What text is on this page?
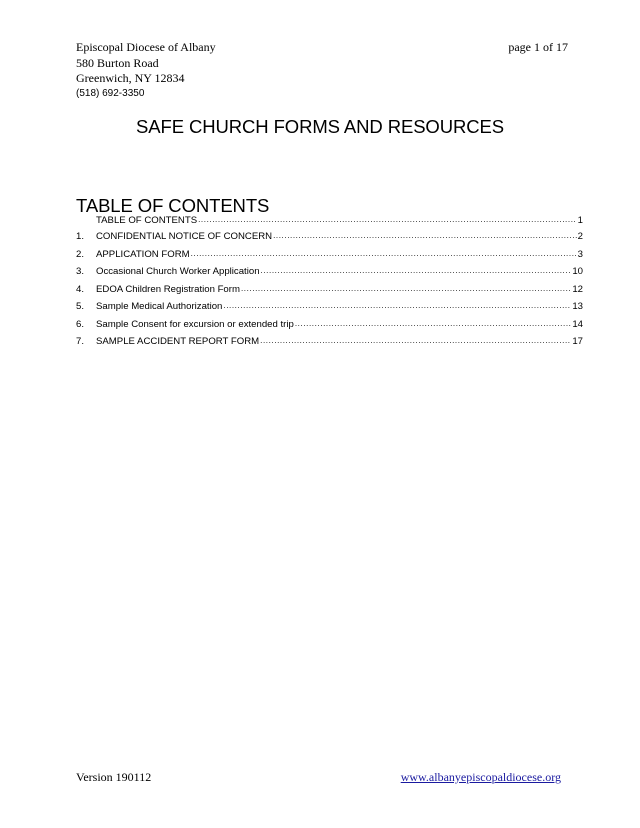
Episcopal Diocese of Albany
580 Burton Road
Greenwich, NY 12834
(518) 692-3350
page 1 of 17
SAFE CHURCH FORMS AND RESOURCES
TABLE OF CONTENTS
TABLE OF CONTENTS .....	1
1.	CONFIDENTIAL NOTICE OF CONCERN .....	2
2.	APPLICATION FORM .....	3
3.	Occasional Church Worker Application .....	10
4.	EDOA Children Registration Form .....	12
5.	Sample Medical Authorization .....	13
6.	Sample Consent for excursion or extended trip .....	14
7.	SAMPLE ACCIDENT REPORT FORM .....	17
Version 190112	www.albanyepiscopaldiocese.org
